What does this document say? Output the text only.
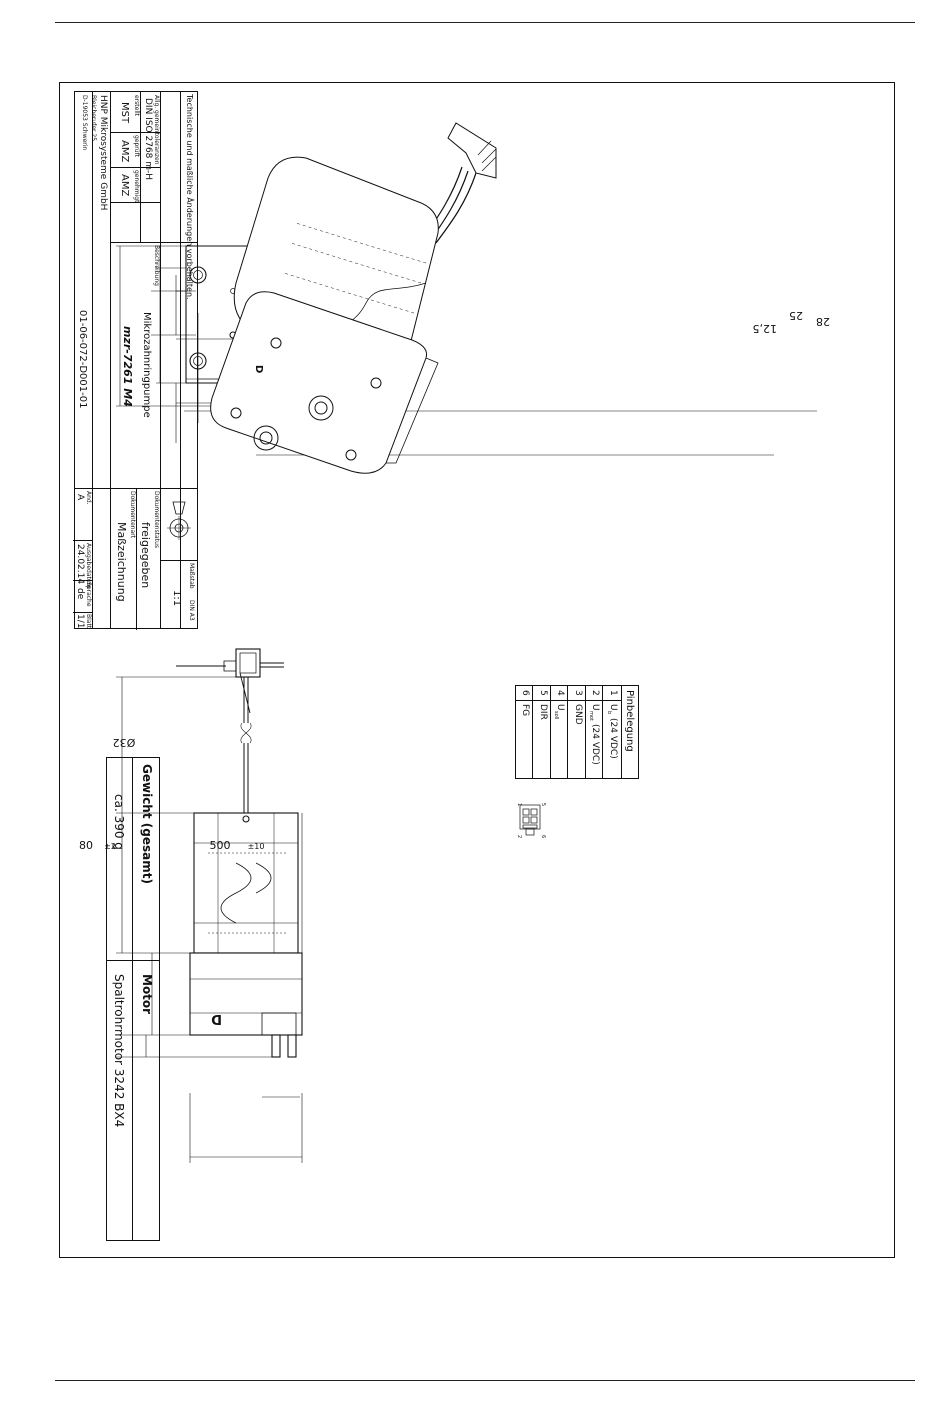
28
25
12,5
D
D
500 ±10
80 ±2
Ø32
1	5
6
2
Pinbelegung
1
U
b
(24 VDC)
2
U
mot
(24 VDC)
3
GND
4
U
soll
5
DIR
6
FG
Gewicht (gesamt)
Motor
ca. 390 g
Spaltrohrmotor 3242 BX4
Allg. gemeintoleranzen
DIN ISO 2768 m-H
erstellt
MST
geprüft
AMZ
genehmigt
AMZ
HNP Mikrosysteme GmbH
Bleicherufer 25
D-19053 Schwerin
Beschreibung
Mikrozahnringpumpe
mzr-7261 M4
01-06-072-D001-01
Technische und maßliche Änderungen vorbehalten.
Maßstab
DIN A3
1:1
Dokumentenstatus
freigegeben
Dokumentenart
Maßzeichnung
Änd.
A
Ausgabedatum
24.02.14
Sprache
de
Blatt
1/1
